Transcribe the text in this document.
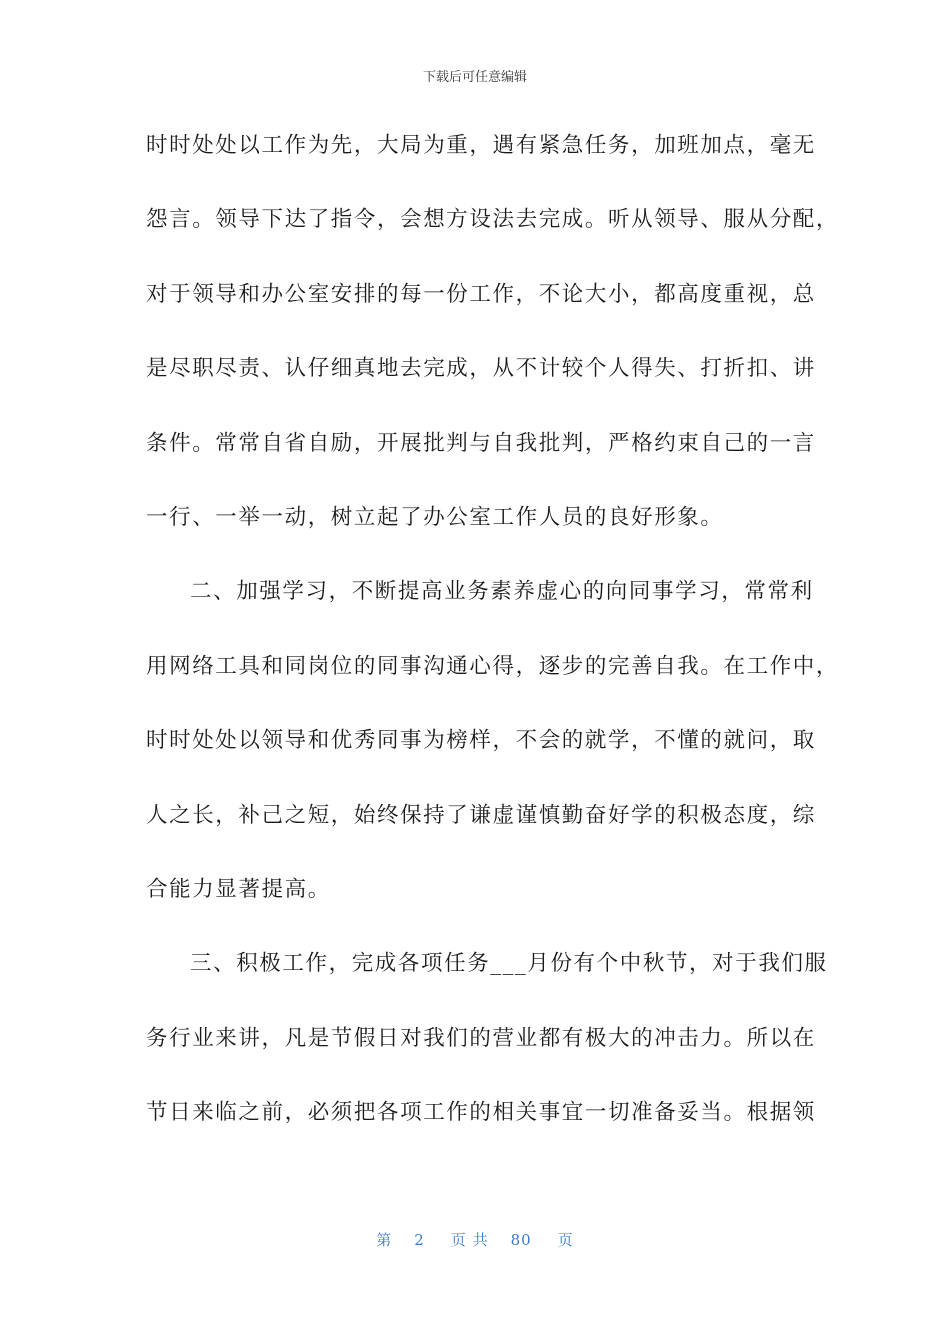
下载后可任意编辑
时时处处以工作为先，大局为重，遇有紧急任务，加班加点，毫无
怨言。领导下达了指令，会想方设法去完成。听从领导、服从分配，
对于领导和办公室安排的每一份工作，不论大小，都高度重视，总
是尽职尽责、认仔细真地去完成，从不计较个人得失、打折扣、讲
条件。常常自省自励，开展批判与自我批判，严格约束自己的一言
一行、一举一动，树立起了办公室工作人员的良好形象。
二、加强学习，不断提高业务素养虚心的向同事学习，常常利
用网络工具和同岗位的同事沟通心得，逐步的完善自我。在工作中，
时时处处以领导和优秀同事为榜样，不会的就学，不懂的就问，取
人之长，补己之短，始终保持了谦虚谨慎勤奋好学的积极态度，综
合能力显著提高。
三、积极工作，完成各项任务___月份有个中秋节，对于我们服
务行业来讲，凡是节假日对我们的营业都有极大的冲击力。所以在
节日来临之前，必须把各项工作的相关事宜一切准备妥当。根据领
第 2 页 共 80 页
